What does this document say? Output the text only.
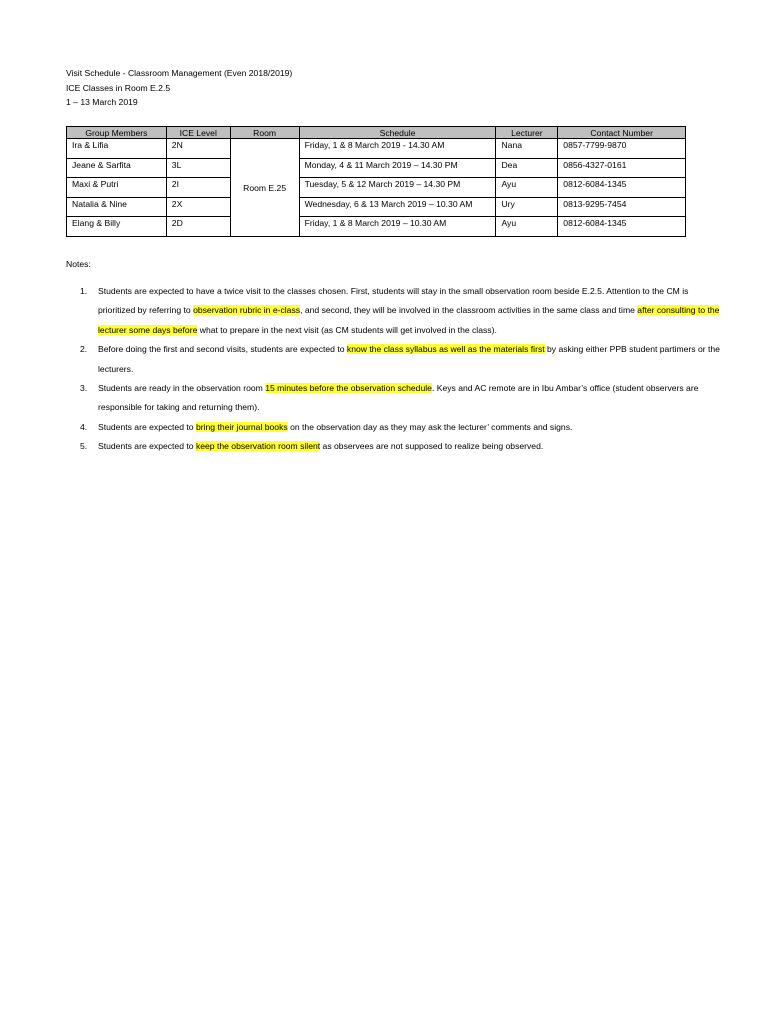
Visit Schedule - Classroom Management (Even 2018/2019)
ICE Classes in Room E.2.5
1 – 13 March 2019
Group Members	ICE Level	Room	Schedule	Lecturer	Contact Number
Ira & Lifia	2N	Room E.25	Friday, 1 & 8 March 2019 - 14.30 AM	Nana	0857-7799-9870
Jeane & Sarfita	3L		Monday, 4 & 11 March 2019 – 14.30 PM	Dea	0856-4327-0161
Maxi & Putri	2I		Tuesday, 5 & 12 March 2019 – 14.30 PM	Ayu	0812-6084-1345
Natalia & Nine	2X		Wednesday, 6 & 13 March 2019 – 10.30 AM	Ury	0813-9295-7454
Elang & Billy	2D		Friday, 1 & 8 March 2019 – 10.30 AM	Ayu	0812-6084-1345
Notes:
1. Students are expected to have a twice visit to the classes chosen. First, students will stay in the small observation room beside E.2.5. Attention to the CM is prioritized by referring to observation rubric in e-class, and second, they will be involved in the classroom activities in the same class and time after consulting to the lecturer some days before what to prepare in the next visit (as CM students will get involved in the class).
2. Before doing the first and second visits, students are expected to know the class syllabus as well as the materials first by asking either PPB student partimers or the lecturers.
3. Students are ready in the observation room 15 minutes before the observation schedule. Keys and AC remote are in Ibu Ambar’s office (student observers are responsible for taking and returning them).
4. Students are expected to bring their journal books on the observation day as they may ask the lecturer’ comments and signs.
5. Students are expected to keep the observation room silent as observees are not supposed to realize being observed.
